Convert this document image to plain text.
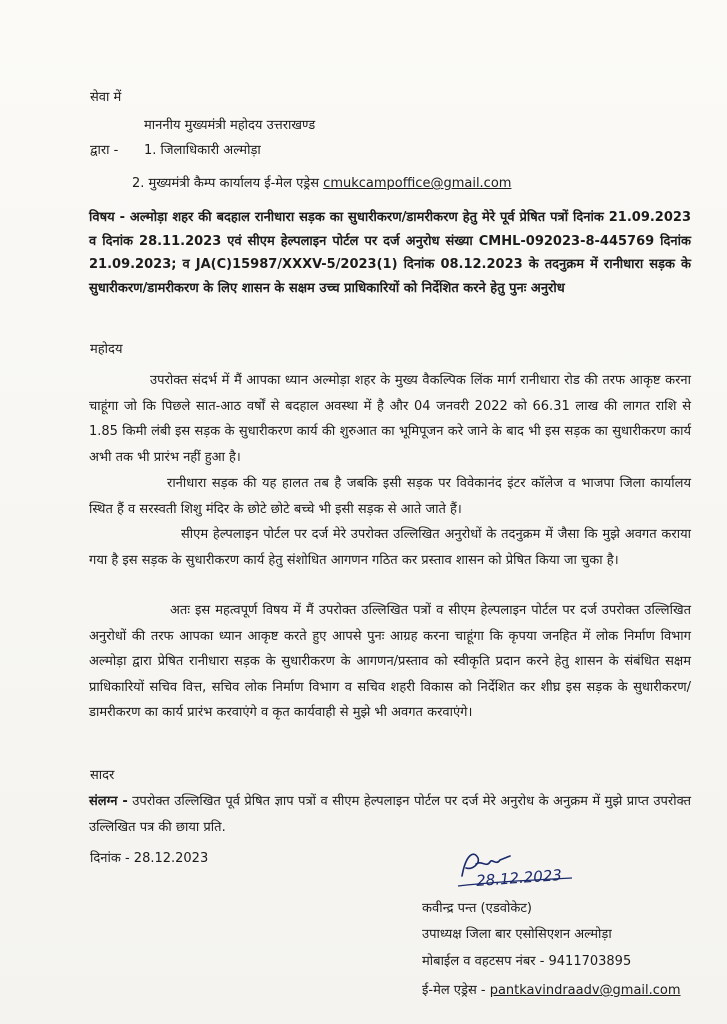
सेवा में
माननीय मुख्यमंत्री महोदय उत्तराखण्ड
द्वारा - 1. जिलाधिकारी अल्मोड़ा
2. मुख्यमंत्री कैम्प कार्यालय ई-मेल एड्रेस cmukcampoffice@gmail.com
विषय - अल्मोड़ा शहर की बदहाल रानीधारा सड़क का सुधारीकरण/डामरीकरण हेतु मेरे पूर्व प्रेषित पत्रों दिनांक 21.09.2023 व दिनांक 28.11.2023 एवं सीएम हेल्पलाइन पोर्टल पर दर्ज अनुरोध संख्या CMHL-092023-8-445769 दिनांक 21.09.2023; व JA(C)15987/XXXV-5/2023(1) दिनांक 08.12.2023 के तदनुक्रम में रानीधारा सड़क के सुधारीकरण/डामरीकरण के लिए शासन के सक्षम उच्च प्राधिकारियों को निर्देशित करने हेतु पुनः अनुरोध
महोदय
उपरोक्त संदर्भ में मैं आपका ध्यान अल्मोड़ा शहर के मुख्य वैकल्पिक लिंक मार्ग रानीधारा रोड की तरफ आकृष्ट करना चाहूंगा जो कि पिछले सात-आठ वर्षों से बदहाल अवस्था में है और 04 जनवरी 2022 को 66.31 लाख की लागत राशि से 1.85 किमी लंबी इस सड़क के सुधारीकरण कार्य की शुरुआत का भूमिपूजन करे जाने के बाद भी इस सड़क का सुधारीकरण कार्य अभी तक भी प्रारंभ नहीं हुआ है।
रानीधारा सड़क की यह हालत तब है जबकि इसी सड़क पर विवेकानंद इंटर कॉलेज व भाजपा जिला कार्यालय स्थित हैं व सरस्वती शिशु मंदिर के छोटे छोटे बच्चे भी इसी सड़क से आते जाते हैं।
सीएम हेल्पलाइन पोर्टल पर दर्ज मेरे उपरोक्त उल्लिखित अनुरोधों के तदनुक्रम में जैसा कि मुझे अवगत कराया गया है इस सड़क के सुधारीकरण कार्य हेतु संशोधित आगणन गठित कर प्रस्ताव शासन को प्रेषित किया जा चुका है।
अतः इस महत्वपूर्ण विषय में मैं उपरोक्त उल्लिखित पत्रों व सीएम हेल्पलाइन पोर्टल पर दर्ज उपरोक्त उल्लिखित अनुरोधों की तरफ आपका ध्यान आकृष्ट करते हुए आपसे पुनः आग्रह करना चाहूंगा कि कृपया जनहित में लोक निर्माण विभाग अल्मोड़ा द्वारा प्रेषित रानीधारा सड़क के सुधारीकरण के आगणन/प्रस्ताव को स्वीकृति प्रदान करने हेतु शासन के संबंधित सक्षम प्राधिकारियों सचिव वित्त, सचिव लोक निर्माण विभाग व सचिव शहरी विकास को निर्देशित कर शीघ्र इस सड़क के सुधारीकरण/डामरीकरण का कार्य प्रारंभ करवाएंगे व कृत कार्यवाही से मुझे भी अवगत करवाएंगे।
सादर
संलग्न - उपरोक्त उल्लिखित पूर्व प्रेषित ज्ञाप पत्रों व सीएम हेल्पलाइन पोर्टल पर दर्ज मेरे अनुरोध के अनुक्रम में मुझे प्राप्त उपरोक्त उल्लिखित पत्र की छाया प्रति.
दिनांक - 28.12.2023
28.12.2023
कवीन्द्र पन्त (एडवोकेट)
उपाध्यक्ष जिला बार एसोसिएशन अल्मोड़ा
मोबाईल व वहटसप नंबर - 9411703895
ई-मेल एड्रेस - pantkavindraadv@gmail.com
